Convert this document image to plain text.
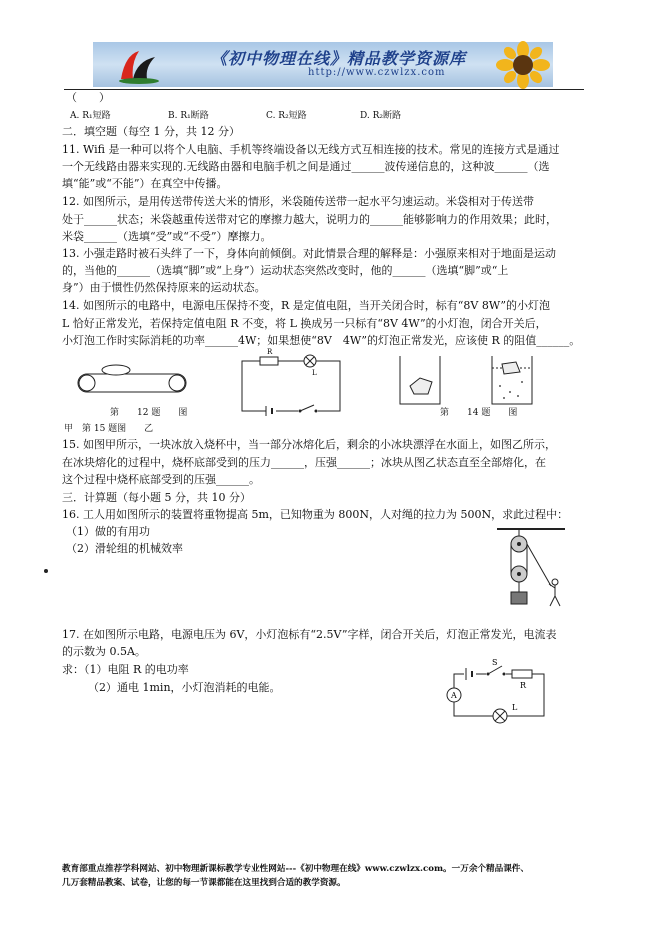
《初中物理在线》精品教学资源库
http://www.czwlzx.com
（　　）
A. R₁短路	B. R₁断路	C. R₂短路	D. R₂断路
二．填空题（每空 1 分，共 12 分）
11. Wifi 是一种可以将个人电脑、手机等终端设备以无线方式互相连接的技术。常见的连接方式是通过
一个无线路由器来实现的.无线路由器和电脑手机之间是通过______波传递信息的，这种波______（选
填“能”或“不能”）在真空中传播。
12. 如图所示，是用传送带传送大米的情形，米袋随传送带一起水平匀速运动。米袋相对于传送带
处于______状态；米袋越重传送带对它的摩擦力越大，说明力的______能够影响力的作用效果；此时，
米袋______（选填“受”或“不受”）摩擦力。
13. 小强走路时被石头绊了一下，身体向前倾倒。对此情景合理的解释是：小强原来相对于地面是运动
的，当他的______（选填“脚”或“上身”）运动状态突然改变时，他的______（选填“脚”或“上
身”）由于惯性仍然保持原来的运动状态。
14. 如图所示的电路中，电源电压保持不变，R 是定值电阻，当开关闭合时，标有“8V 8W”的小灯泡
L 恰好正常发光，若保持定值电阻 R 不变，将 L 换成另一只标有“8V 4W”的小灯泡，闭合开关后，
小灯泡工作时实际消耗的功率______4W；如果想使“8V　4W”的灯泡正常发光，应该使 R 的阻值______。
R
L
第　　12 题　　图	第　　14 题　　图
甲　第 15 题图　　乙
15. 如图甲所示，一块冰放入烧杯中，当一部分冰熔化后，剩余的小冰块漂浮在水面上，如图乙所示，
在冰块熔化的过程中，烧杯底部受到的压力______，压强______；冰块从图乙状态直至全部熔化，在
这个过程中烧杯底部受到的压强______。
三．计算题（每小题 5 分，共 10 分）
16. 工人用如图所示的装置将重物提高 5m，已知物重为 800N，人对绳的拉力为 500N，求此过程中：
（1）做的有用功
（2）滑轮组的机械效率
17. 在如图所示电路，电源电压为 6V，小灯泡标有“2.5V”字样，闭合开关后，灯泡正常发光，电流表
的示数为 0.5A。
求：（1）电阻 R 的电功率
（2）通电 1min，小灯泡消耗的电能。
S
R
A
L
教育部重点推荐学科网站、初中物理新课标教学专业性网站---《初中物理在线》www.czwlzx.com。一万余个精品课件、
几万套精品教案、试卷，让您的每一节课都能在这里找到合适的教学资源。
